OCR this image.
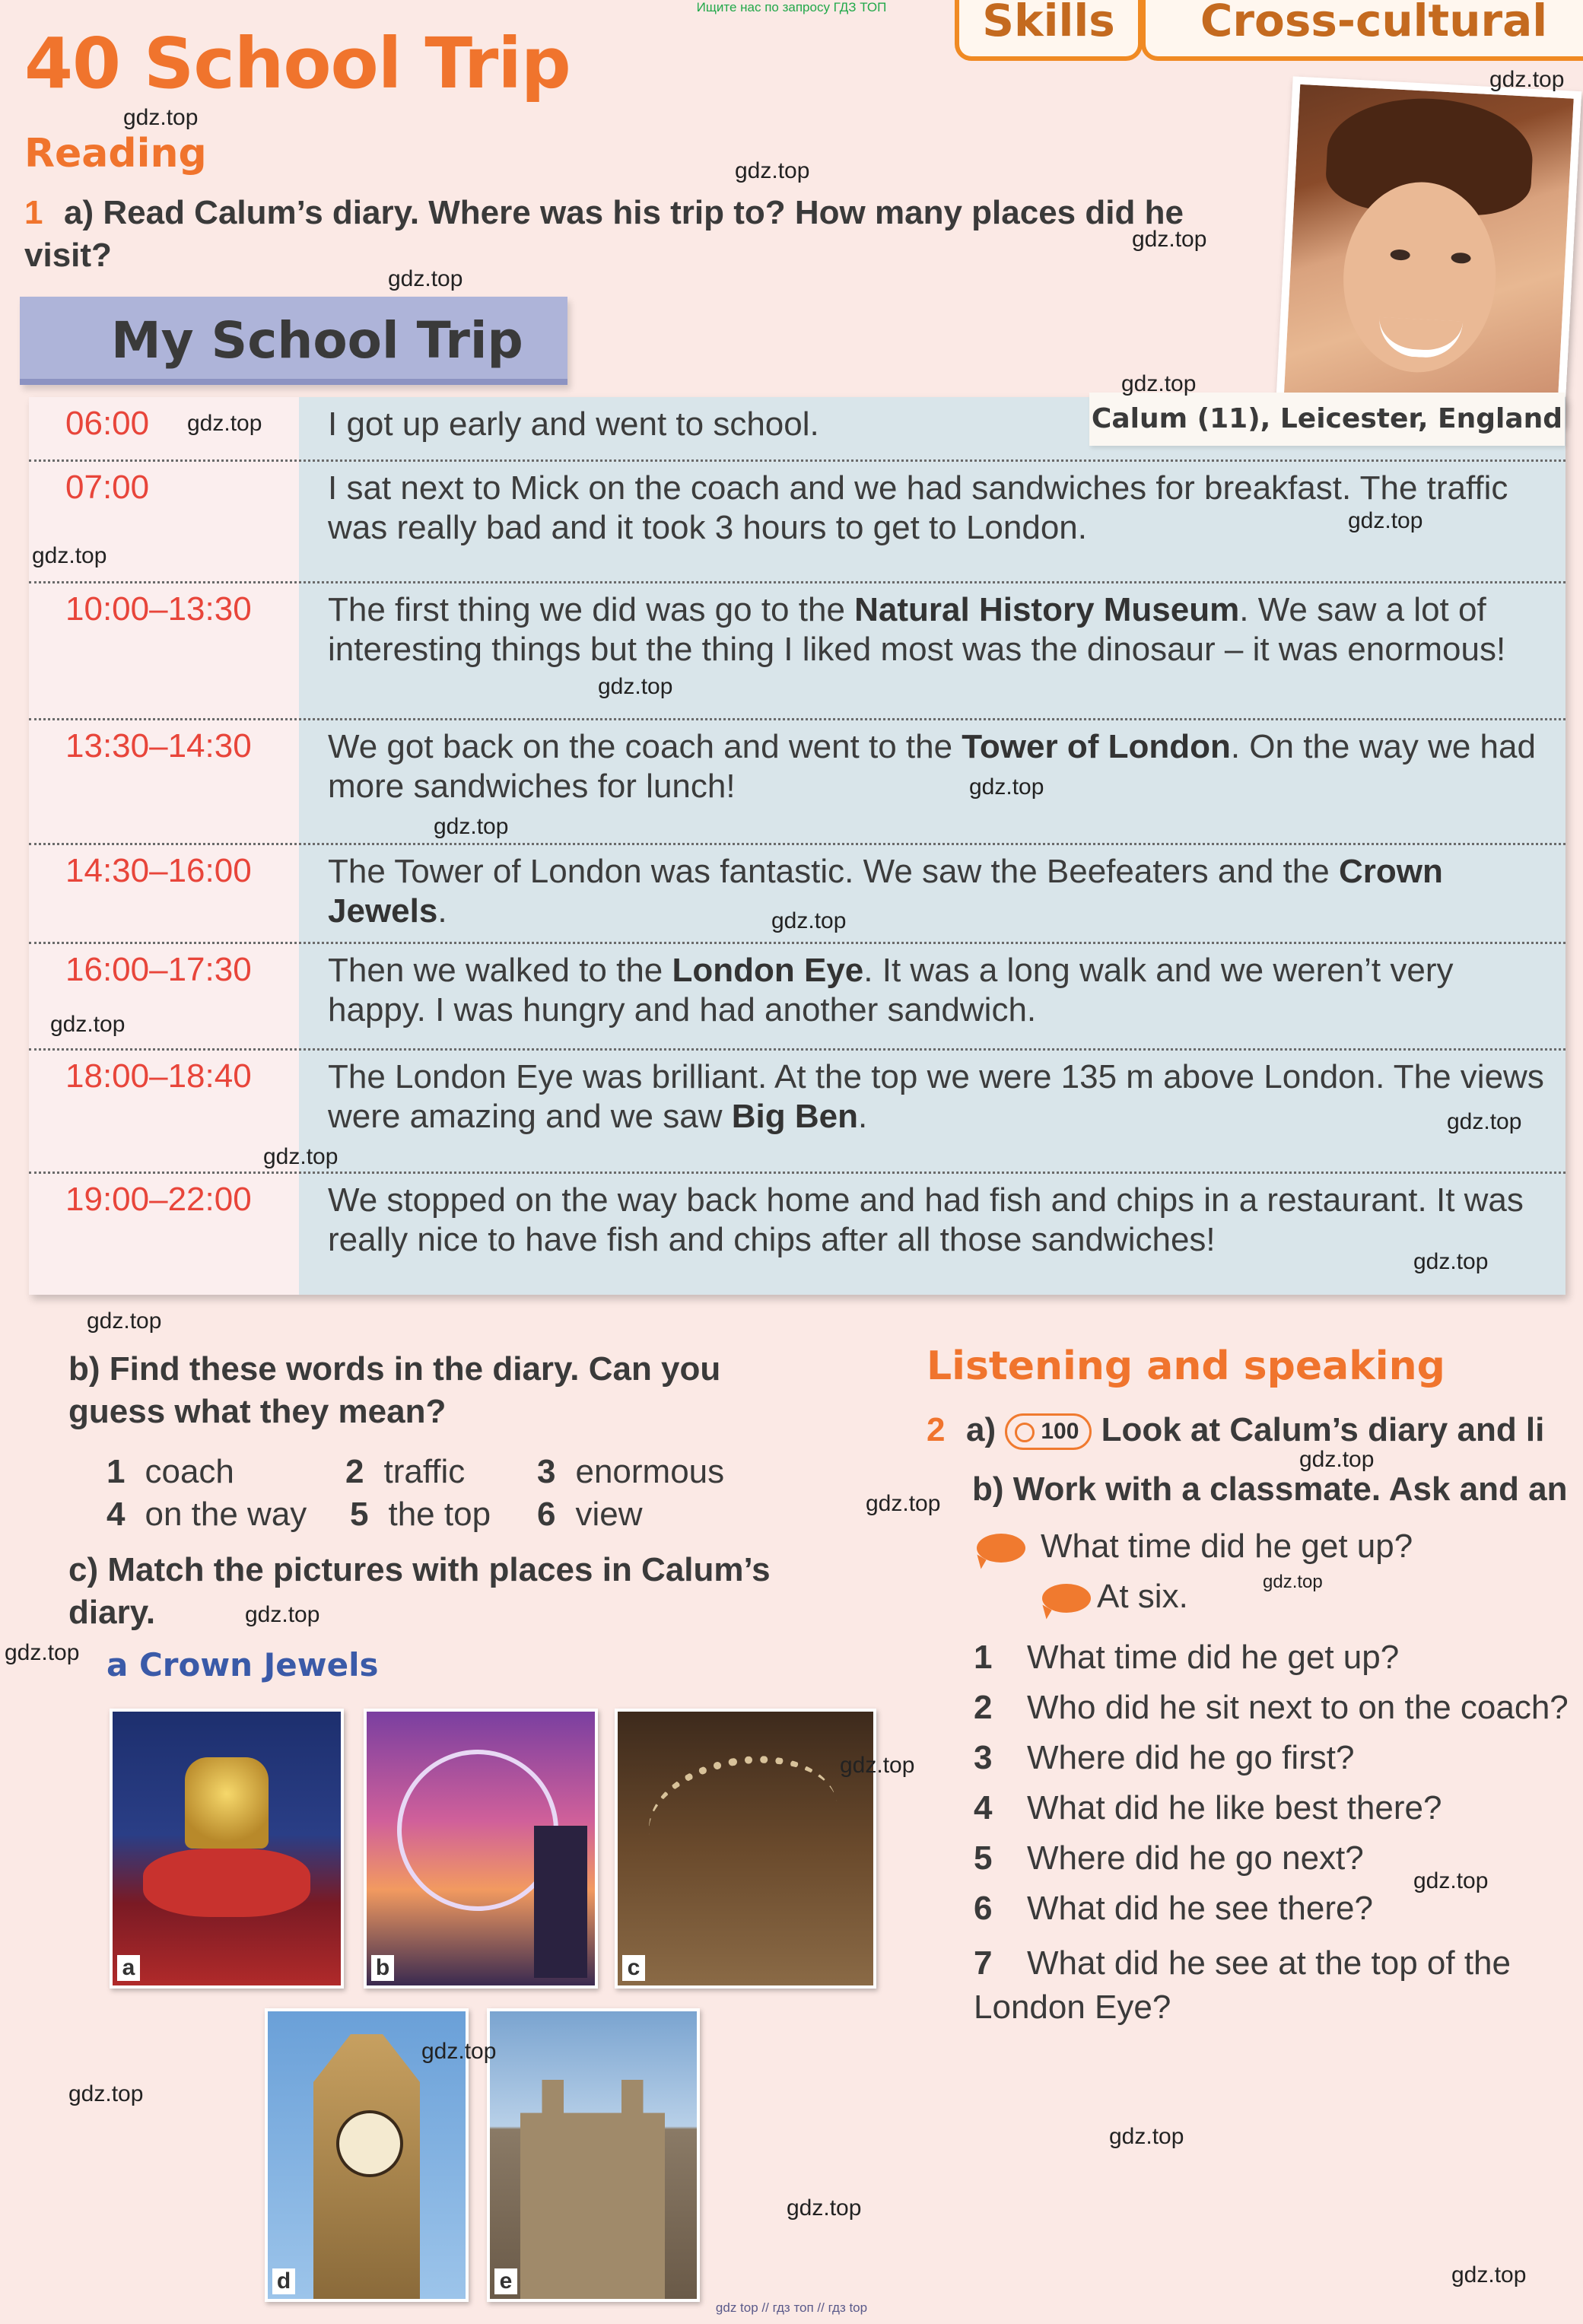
Ищите нас по запросу ГДЗ ТОП	Skills	Cross-cultural
40 School Trip
Reading
1 a) Read Calum’s diary. Where was his trip to? How many places did he visit?
My School Trip
06:00	I got up early and went to school.
07:00	I sat next to Mick on the coach and we had sandwiches for breakfast. The traffic was really bad and it took 3 hours to get to London.
10:00–13:30 The first thing we did was go to the Natural History Museum. We saw a lot of interesting things but the thing I liked most was the dinosaur – it was enormous!
13:30–14:30 We got back on the coach and went to the Tower of London. On the way we had more sandwiches for lunch!
14:30–16:00 The Tower of London was fantastic. We saw the Beefeaters and the Crown Jewels.
16:00–17:30 Then we walked to the London Eye. It was a long walk and we weren’t very happy. I was hungry and had another sandwich.
18:00–18:40 The London Eye was brilliant. At the top we were 135 m above London. The views were amazing and we saw Big Ben.
19:00–22:00 We stopped on the way back home and had fish and chips in a restaurant. It was really nice to have fish and chips after all those sandwiches!
Calum (11), Leicester, England
b) Find these words in the diary. Can you guess what they mean?
1 coach	2 traffic	3 enormous
4 on the way	5 the top	6 view
c) Match the pictures with places in Calum’s diary.
a Crown Jewels
a	b	c
d	e
Listening and speaking
2 a) 100 Look at Calum’s diary and li
b) Work with a classmate. Ask and an
What time did he get up?
At six.
1 What time did he get up?
2 Who did he sit next to on the coach?
3 Where did he go first?
4 What did he like best there?
5 Where did he go next?
6 What did he see there?
7 What did he see at the top of the London Eye?
gdz.top
gdz.top
gdz.top
gdz.top
gdz.top
gdz.top
gdz.top
gdz.top
gdz.top
gdz.top
gdz.top
gdz.top
gdz.top
gdz.top
gdz.top
gdz.top
gdz.top
gdz.top
gdz.top
gdz.top
gdz.top
gdz.top
gdz.top
gdz.top
gdz.top
gdz.top
gdz.top
gdz.top
gdz.top
gdz.top
gdz top // гдз топ // гдз top
